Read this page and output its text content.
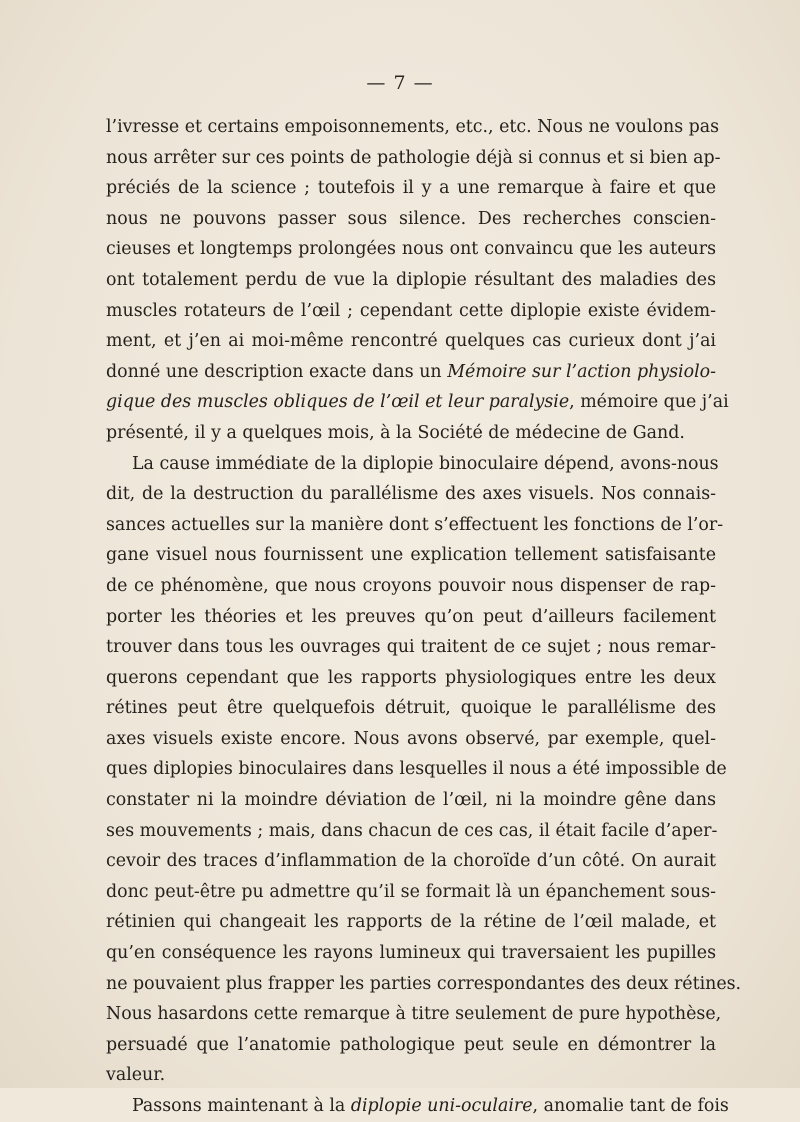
— 7 —

l’ivresse et certains empoisonnements, etc., etc. Nous ne voulons pas
nous arrêter sur ces points de pathologie déjà si connus et si bien ap-
préciés de la science ; toutefois il y a une remarque à faire et que
nous ne pouvons passer sous silence. Des recherches conscien-
cieuses et longtemps prolongées nous ont convaincu que les auteurs
ont totalement perdu de vue la diplopie résultant des maladies des
muscles rotateurs de l’œil ; cependant cette diplopie existe évidem-
ment, et j’en ai moi-même rencontré quelques cas curieux dont j’ai
donné une description exacte dans un Mémoire sur l’action physiolo-
gique des muscles obliques de l’œil et leur paralysie, mémoire que j’ai
présenté, il y a quelques mois, à la Société de médecine de Gand.

La cause immédiate de la diplopie binoculaire dépend, avons-nous
dit, de la destruction du parallélisme des axes visuels. Nos connais-
sances actuelles sur la manière dont s’effectuent les fonctions de l’or-
gane visuel nous fournissent une explication tellement satisfaisante
de ce phénomène, que nous croyons pouvoir nous dispenser de rap-
porter les théories et les preuves qu’on peut d’ailleurs facilement
trouver dans tous les ouvrages qui traitent de ce sujet ; nous remar-
querons cependant que les rapports physiologiques entre les deux
rétines peut être quelquefois détruit, quoique le parallélisme des
axes visuels existe encore. Nous avons observé, par exemple, quel-
ques diplopies binoculaires dans lesquelles il nous a été impossible de
constater ni la moindre déviation de l’œil, ni la moindre gêne dans
ses mouvements ; mais, dans chacun de ces cas, il était facile d’aper-
cevoir des traces d’inflammation de la choroïde d’un côté. On aurait
donc peut-être pu admettre qu’il se formait là un épanchement sous-
rétinien qui changeait les rapports de la rétine de l’œil malade, et
qu’en conséquence les rayons lumineux qui traversaient les pupilles
ne pouvaient plus frapper les parties correspondantes des deux rétines.
Nous hasardons cette remarque à titre seulement de pure hypothèse,
persuadé que l’anatomie pathologique peut seule en démontrer la
valeur.

Passons maintenant à la diplopie uni-oculaire, anomalie tant de fois
